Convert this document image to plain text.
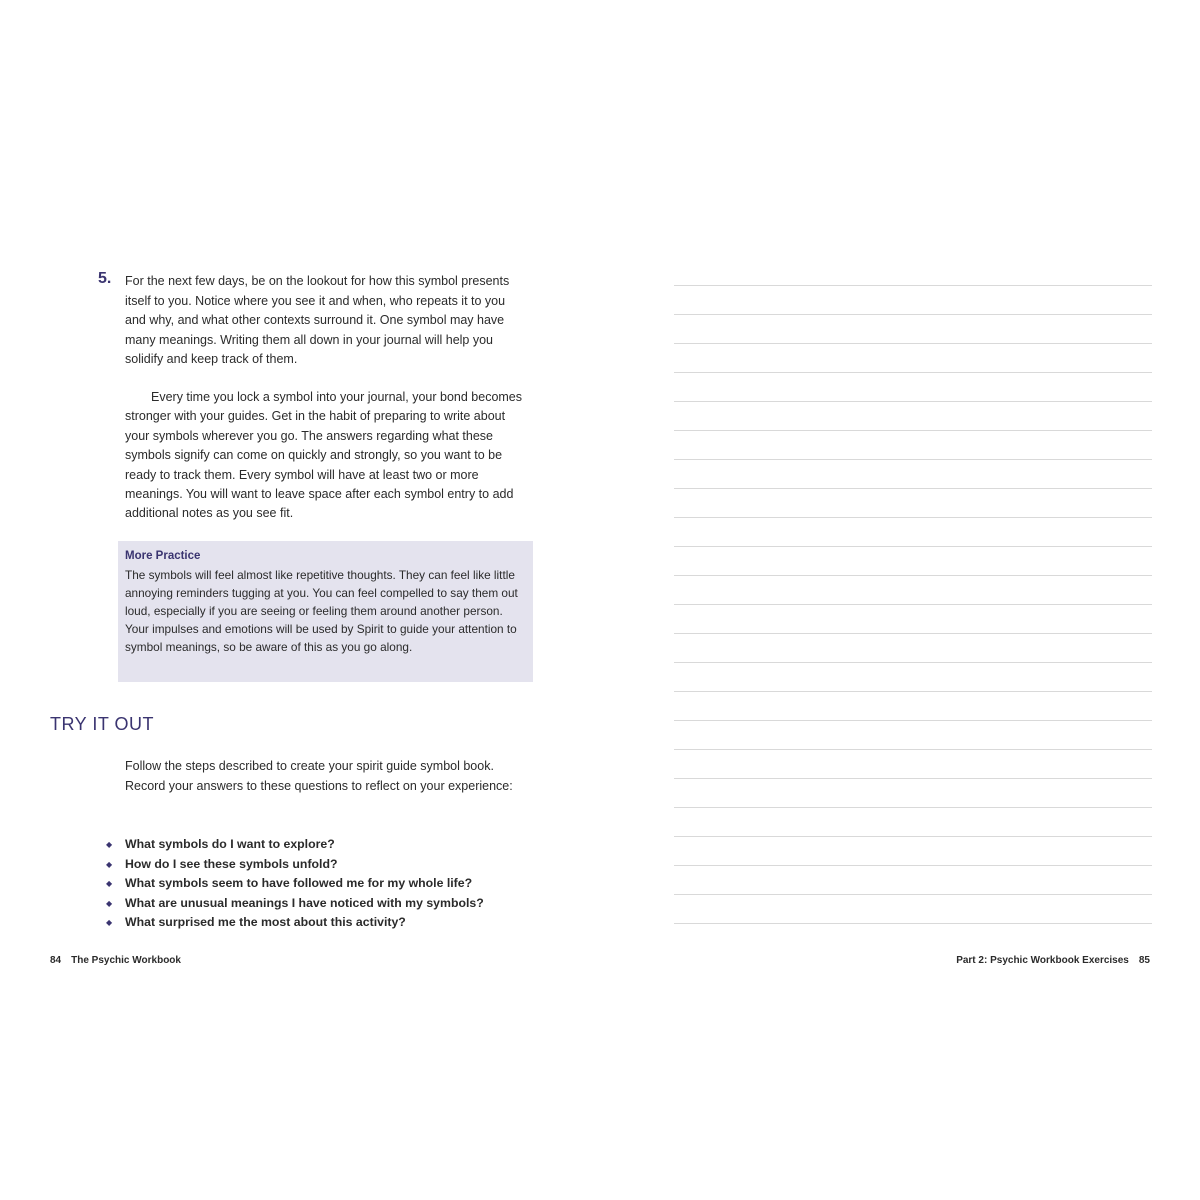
5. For the next few days, be on the lookout for how this symbol presents itself to you. Notice where you see it and when, who repeats it to you and why, and what other contexts surround it. One symbol may have many meanings. Writing them all down in your journal will help you solidify and keep track of them.

Every time you lock a symbol into your journal, your bond becomes stronger with your guides. Get in the habit of preparing to write about your symbols wherever you go. The answers regarding what these symbols signify can come on quickly and strongly, so you want to be ready to track them. Every symbol will have at least two or more meanings. You will want to leave space after each symbol entry to add additional notes as you see fit.

More Practice
The symbols will feel almost like repetitive thoughts. They can feel like little annoying reminders tugging at you. You can feel compelled to say them out loud, especially if you are seeing or feeling them around another person. Your impulses and emotions will be used by Spirit to guide your attention to symbol meanings, so be aware of this as you go along.
TRY IT OUT

Follow the steps described to create your spirit guide symbol book. Record your answers to these questions to reflect on your experience:

◆ What symbols do I want to explore?
◆ How do I see these symbols unfold?
◆ What symbols seem to have followed me for my whole life?
◆ What are unusual meanings I have noticed with my symbols?
◆ What surprised me the most about this activity?
84 The Psychic Workbook	Part 2: Psychic Workbook Exercises 85
